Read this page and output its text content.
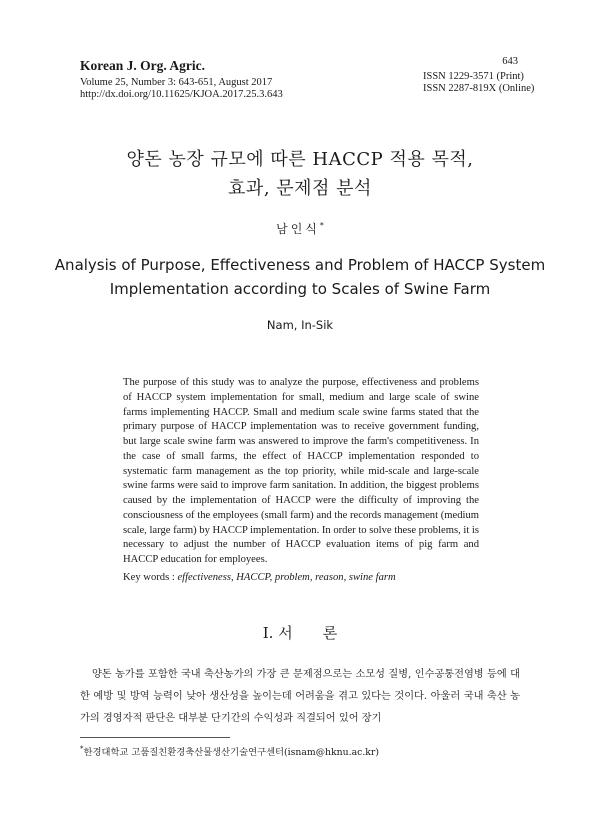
Korean J. Org. Agric.
Volume 25, Number 3: 643-651, August 2017
http://dx.doi.org/10.11625/KJOA.2017.25.3.643
643
ISSN 1229-3571 (Print)
ISSN 2287-819X (Online)
양돈 농장 규모에 따른 HACCP 적용 목적,
효과, 문제점 분석
남인식*
Analysis of Purpose, Effectiveness and Problem of HACCP System
Implementation according to Scales of Swine Farm
Nam, In-Sik
The purpose of this study was to analyze the purpose, effectiveness and problems of HACCP system implementation for small, medium and large scale of swine farms implementing HACCP. Small and medium scale swine farms stated that the primary purpose of HACCP implementation was to receive government funding, but large scale swine farm was answered to improve the farm's competitiveness. In the case of small farms, the effect of HACCP implementation responded to systematic farm management as the top priority, while mid-scale and large-scale swine farms were said to improve farm sanitation. In addition, the biggest problems caused by the implementation of HACCP were the difficulty of improving the consciousness of the employees (small farm) and the records management (medium scale, large farm) by HACCP implementation. In order to solve these problems, it is necessary to adjust the number of HACCP evaluation items of pig farm and HACCP education for employees.
Key words : effectiveness, HACCP, problem, reason, swine farm
Ⅰ. 서 론
양돈 농가를 포함한 국내 축산농가의 가장 큰 문제점으로는 소모성 질병, 인수공통전염병 등에 대한 예방 및 방역 능력이 낮아 생산성을 높이는데 어려움을 겪고 있다는 것이다. 아울러 국내 축산 농가의 경영자적 판단은 대부분 단기간의 수익성과 직결되어 있어 장기
*한경대학교 고품질친환경축산물생산기술연구센터(isnam@hknu.ac.kr)
